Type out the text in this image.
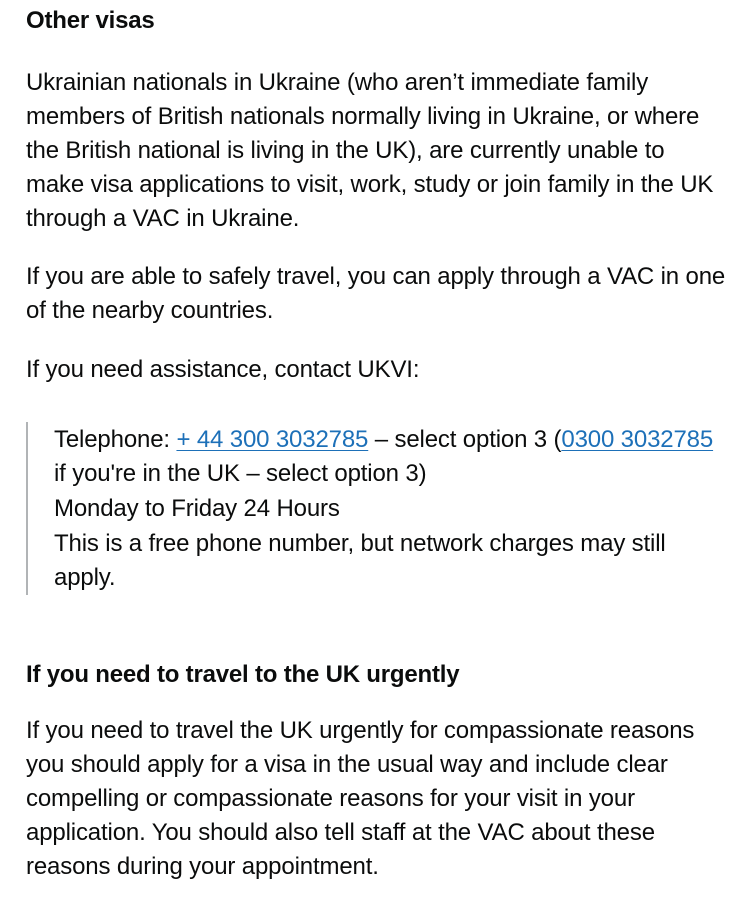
Other visas

Ukrainian nationals in Ukraine (who aren’t immediate family members of British nationals normally living in Ukraine, or where the British national is living in the UK), are currently unable to make visa applications to visit, work, study or join family in the UK through a VAC in Ukraine.

If you are able to safely travel, you can apply through a VAC in one of the nearby countries.

If you need assistance, contact UKVI:

Telephone: + 44 300 3032785 – select option 3 (0300 3032785 if you're in the UK – select option 3)

Monday to Friday 24 Hours

This is a free phone number, but network charges may still apply.

If you need to travel to the UK urgently

If you need to travel the UK urgently for compassionate reasons you should apply for a visa in the usual way and include clear compelling or compassionate reasons for your visit in your application. You should also tell staff at the VAC about these reasons during your appointment.
